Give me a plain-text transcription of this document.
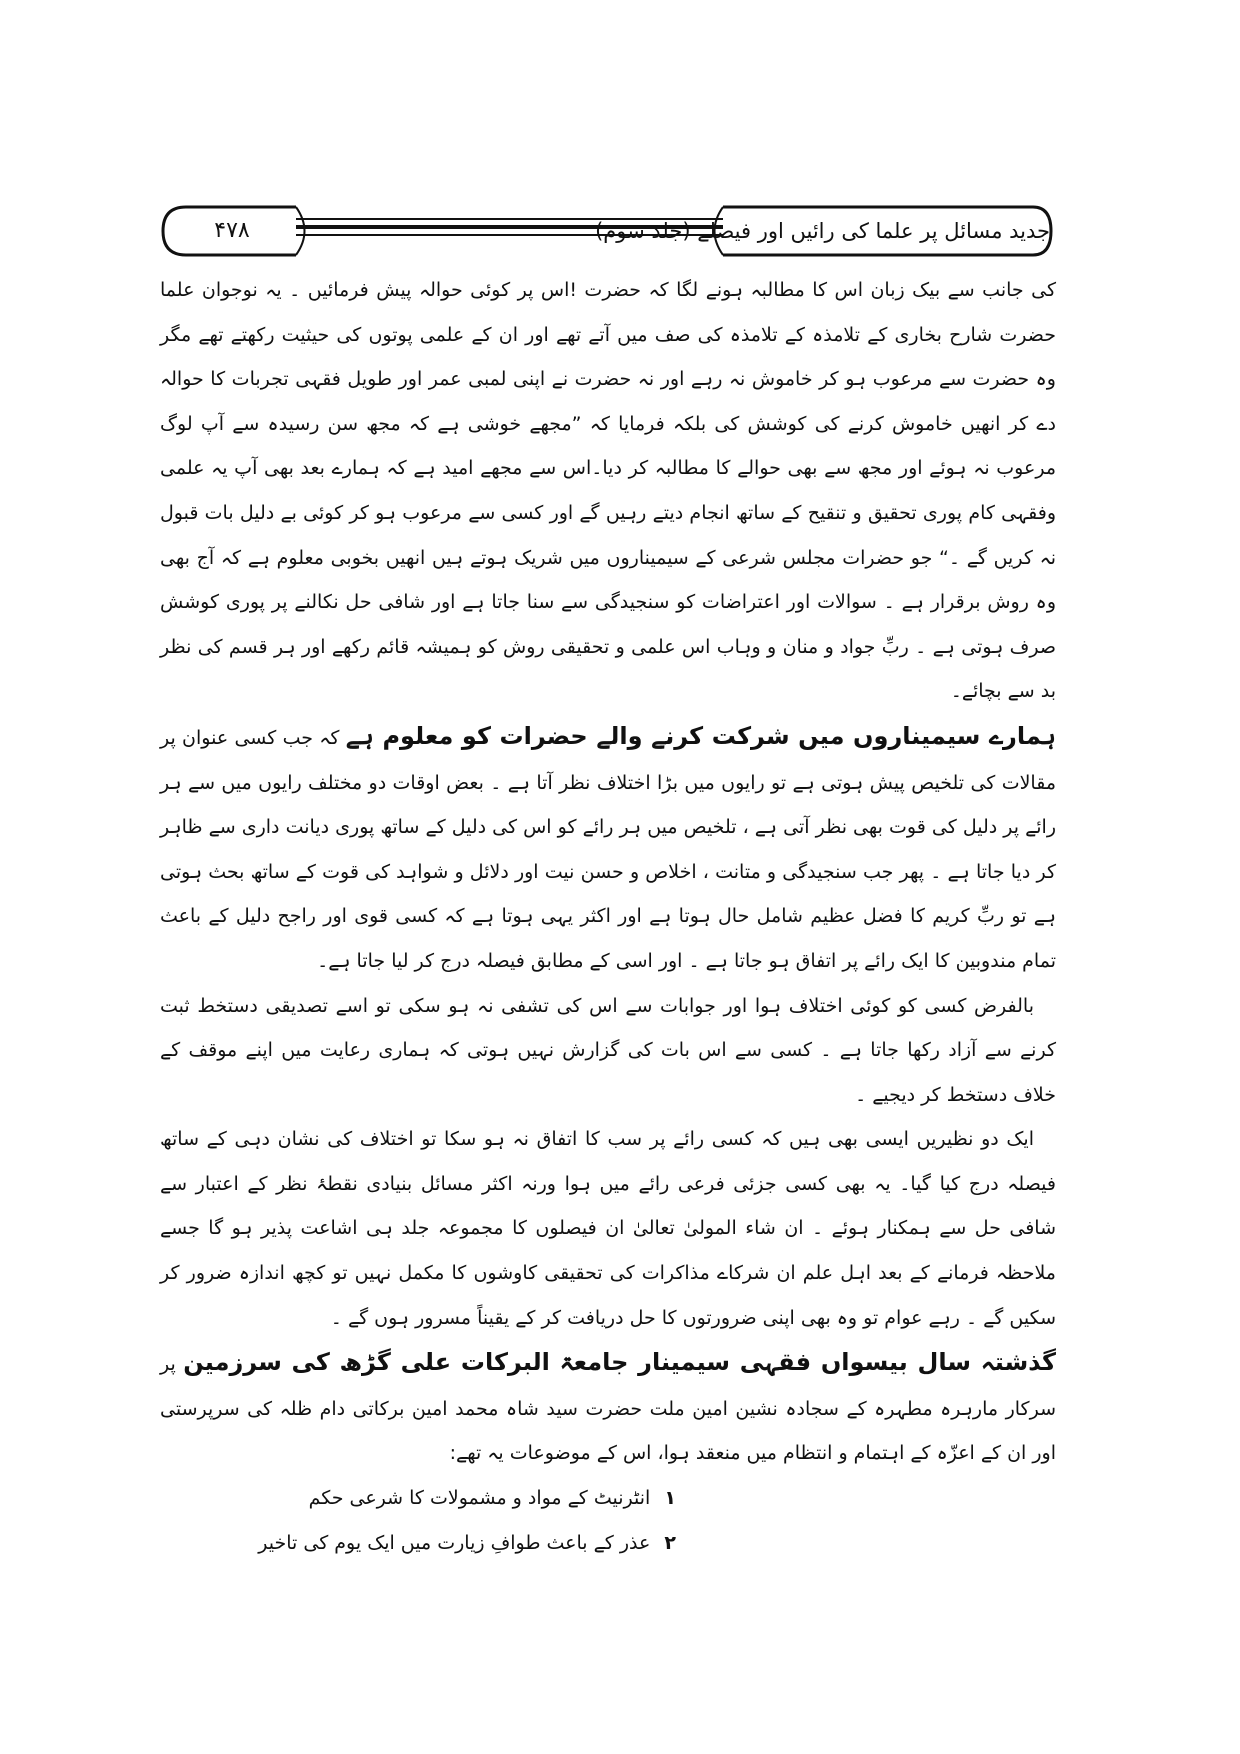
جدید مسائل پر علما کی رائیں اور فیصلے (جلد سوم)
۴۷۸

کی جانب سے بیک زبان اس کا مطالبہ ہونے لگا کہ حضرت !اس پر کوئی حوالہ پیش فرمائیں ۔ یہ نوجوان علما حضرت شارح بخاری کے تلامذہ کے تلامذہ کی صف میں آتے تھے اور ان کے علمی پوتوں کی حیثیت رکھتے تھے مگر وہ حضرت سے مرعوب ہو کر خاموش نہ رہے اور نہ حضرت نے اپنی لمبی عمر اور طویل فقہی تجربات کا حوالہ دے کر انھیں خاموش کرنے کی کوشش کی بلکہ فرمایا کہ ”مجھے خوشی ہے کہ مجھ سن رسیدہ سے آپ لوگ مرعوب نہ ہوئے اور مجھ سے بھی حوالے کا مطالبہ کر دیا۔اس سے مجھے امید ہے کہ ہمارے بعد بھی آپ یہ علمی وفقہی کام پوری تحقیق و تنقیح کے ساتھ انجام دیتے رہیں گے اور کسی سے مرعوب ہو کر کوئی بے دلیل بات قبول نہ کریں گے ۔“ جو حضرات مجلس شرعی کے سیمیناروں میں شریک ہوتے ہیں انھیں بخوبی معلوم ہے کہ آج بھی وہ روش برقرار ہے ۔ سوالات اور اعتراضات کو سنجیدگی سے سنا جاتا ہے اور شافی حل نکالنے پر پوری کوشش صرف ہوتی ہے ۔ ربِّ جواد و منان و وہاب اس علمی و تحقیقی روش کو ہمیشہ قائم رکھے اور ہر قسم کی نظر بد سے بچائے۔

ہمارے سیمیناروں میں شرکت کرنے والے حضرات کو معلوم ہے کہ جب کسی عنوان پر مقالات کی تلخیص پیش ہوتی ہے تو رایوں میں بڑا اختلاف نظر آتا ہے ۔ بعض اوقات دو مختلف رایوں میں سے ہر رائے پر دلیل کی قوت بھی نظر آتی ہے ، تلخیص میں ہر رائے کو اس کی دلیل کے ساتھ پوری دیانت داری سے ظاہر کر دیا جاتا ہے ۔ پھر جب سنجیدگی و متانت ، اخلاص و حسن نیت اور دلائل و شواہد کی قوت کے ساتھ بحث ہوتی ہے تو ربِّ کریم کا فضل عظیم شامل حال ہوتا ہے اور اکثر یہی ہوتا ہے کہ کسی قوی اور راجح دلیل کے باعث تمام مندوبین کا ایک رائے پر اتفاق ہو جاتا ہے ۔ اور اسی کے مطابق فیصلہ درج کر لیا جاتا ہے۔

بالفرض کسی کو کوئی اختلاف ہوا اور جوابات سے اس کی تشفی نہ ہو سکی تو اسے تصدیقی دستخط ثبت کرنے سے آزاد رکھا جاتا ہے ۔ کسی سے اس بات کی گزارش نہیں ہوتی کہ ہماری رعایت میں اپنے موقف کے خلاف دستخط کر دیجیے ۔

ایک دو نظیریں ایسی بھی ہیں کہ کسی رائے پر سب کا اتفاق نہ ہو سکا تو اختلاف کی نشان دہی کے ساتھ فیصلہ درج کیا گیا۔ یہ بھی کسی جزئی فرعی رائے میں ہوا ورنہ اکثر مسائل بنیادی نقطۂ نظر کے اعتبار سے شافی حل سے ہمکنار ہوئے ۔ ان شاء المولیٰ تعالیٰ ان فیصلوں کا مجموعہ جلد ہی اشاعت پذیر ہو گا جسے ملاحظہ فرمانے کے بعد اہل علم ان شرکاے مذاکرات کی تحقیقی کاوشوں کا مکمل نہیں تو کچھ اندازہ ضرور کر سکیں گے ۔ رہے عوام تو وہ بھی اپنی ضرورتوں کا حل دریافت کر کے یقیناً مسرور ہوں گے ۔

گذشتہ سال بیسواں فقہی سیمینار جامعۃ البرکات علی گڑھ کی سرزمین پر سرکار مارہرہ مطہرہ کے سجادہ نشین امین ملت حضرت سید شاہ محمد امین برکاتی دام ظلہ کی سرپرستی اور ان کے اعزّہ کے اہتمام و انتظام میں منعقد ہوا، اس کے موضوعات یہ تھے:

۱ انٹرنیٹ کے مواد و مشمولات کا شرعی حکم
۲ عذر کے باعث طوافِ زیارت میں ایک یوم کی تاخیر
